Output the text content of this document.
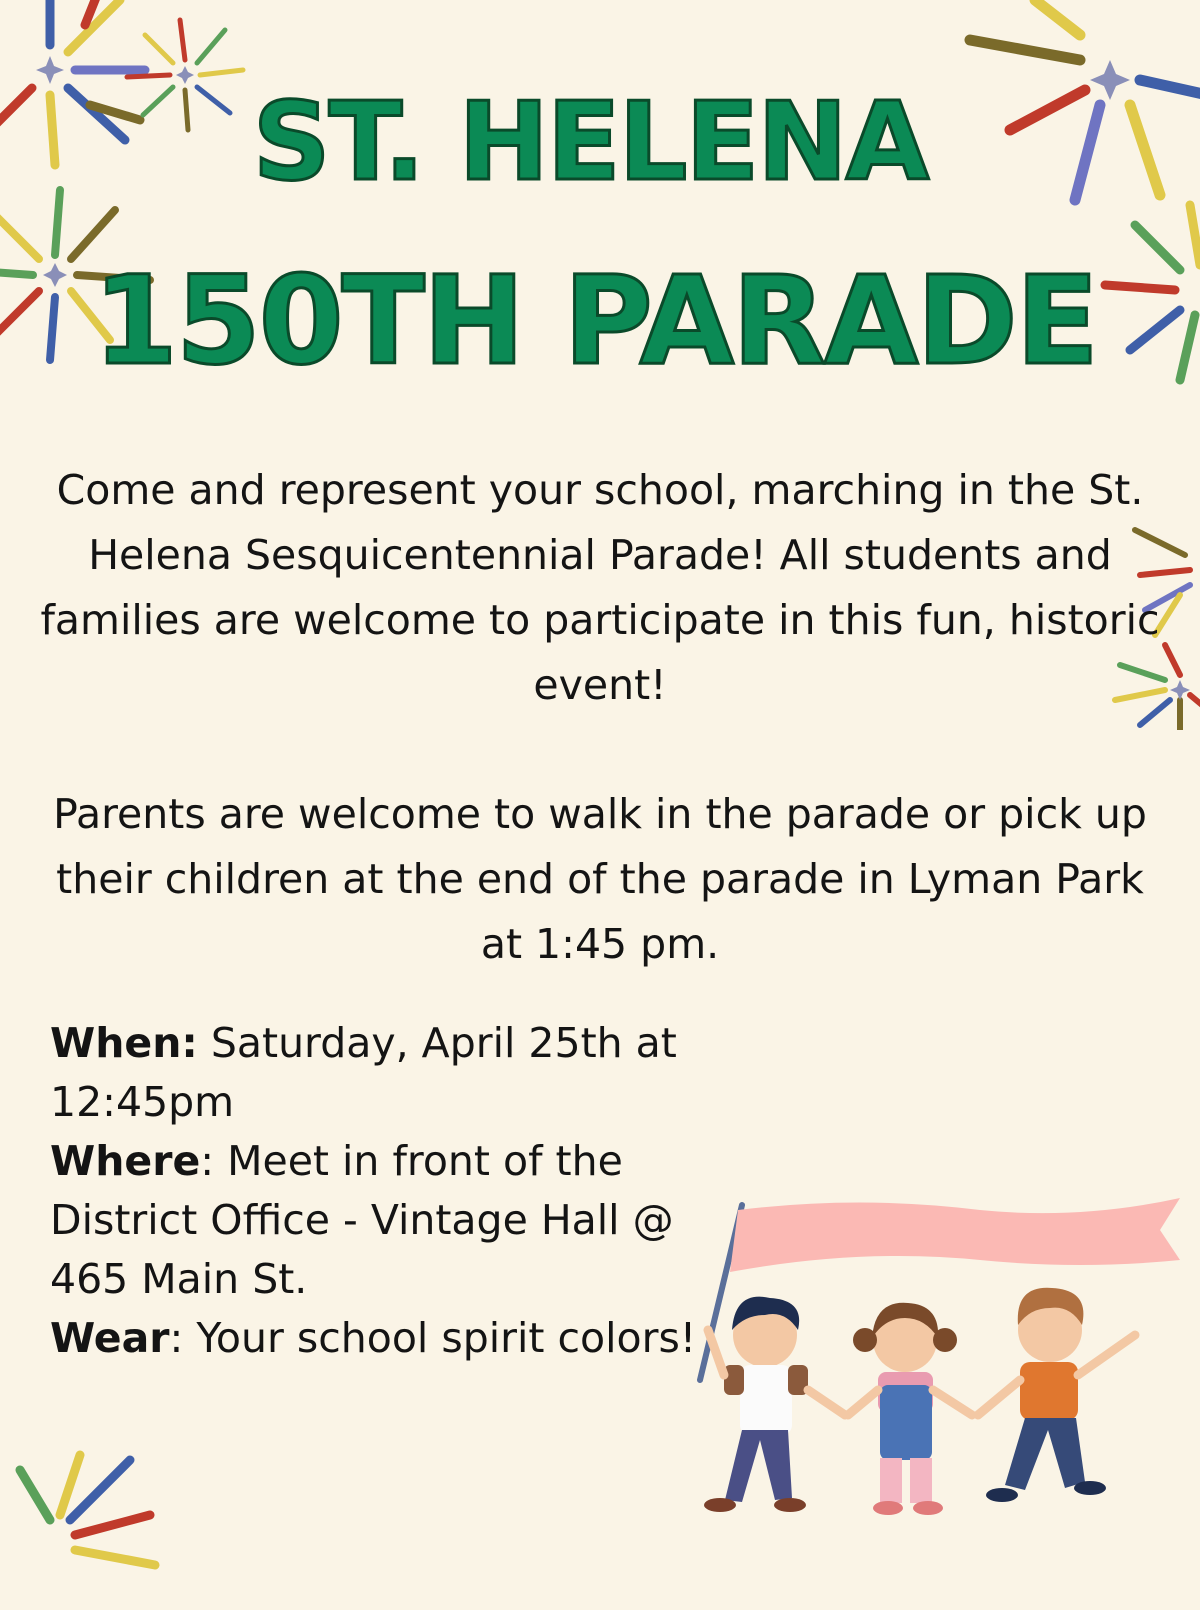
ST. HELENA
150TH PARADE

Come and represent your school, marching in the St. Helena Sesquicentennial Parade! All students and families are welcome to participate in this fun, historic event!

Parents are welcome to walk in the parade or pick up their children at the end of the parade in Lyman Park at 1:45 pm.

When: Saturday, April 25th at 12:45pm
Where: Meet in front of the District Office - Vintage Hall @ 465 Main St.
Wear: Your school spirit colors!
